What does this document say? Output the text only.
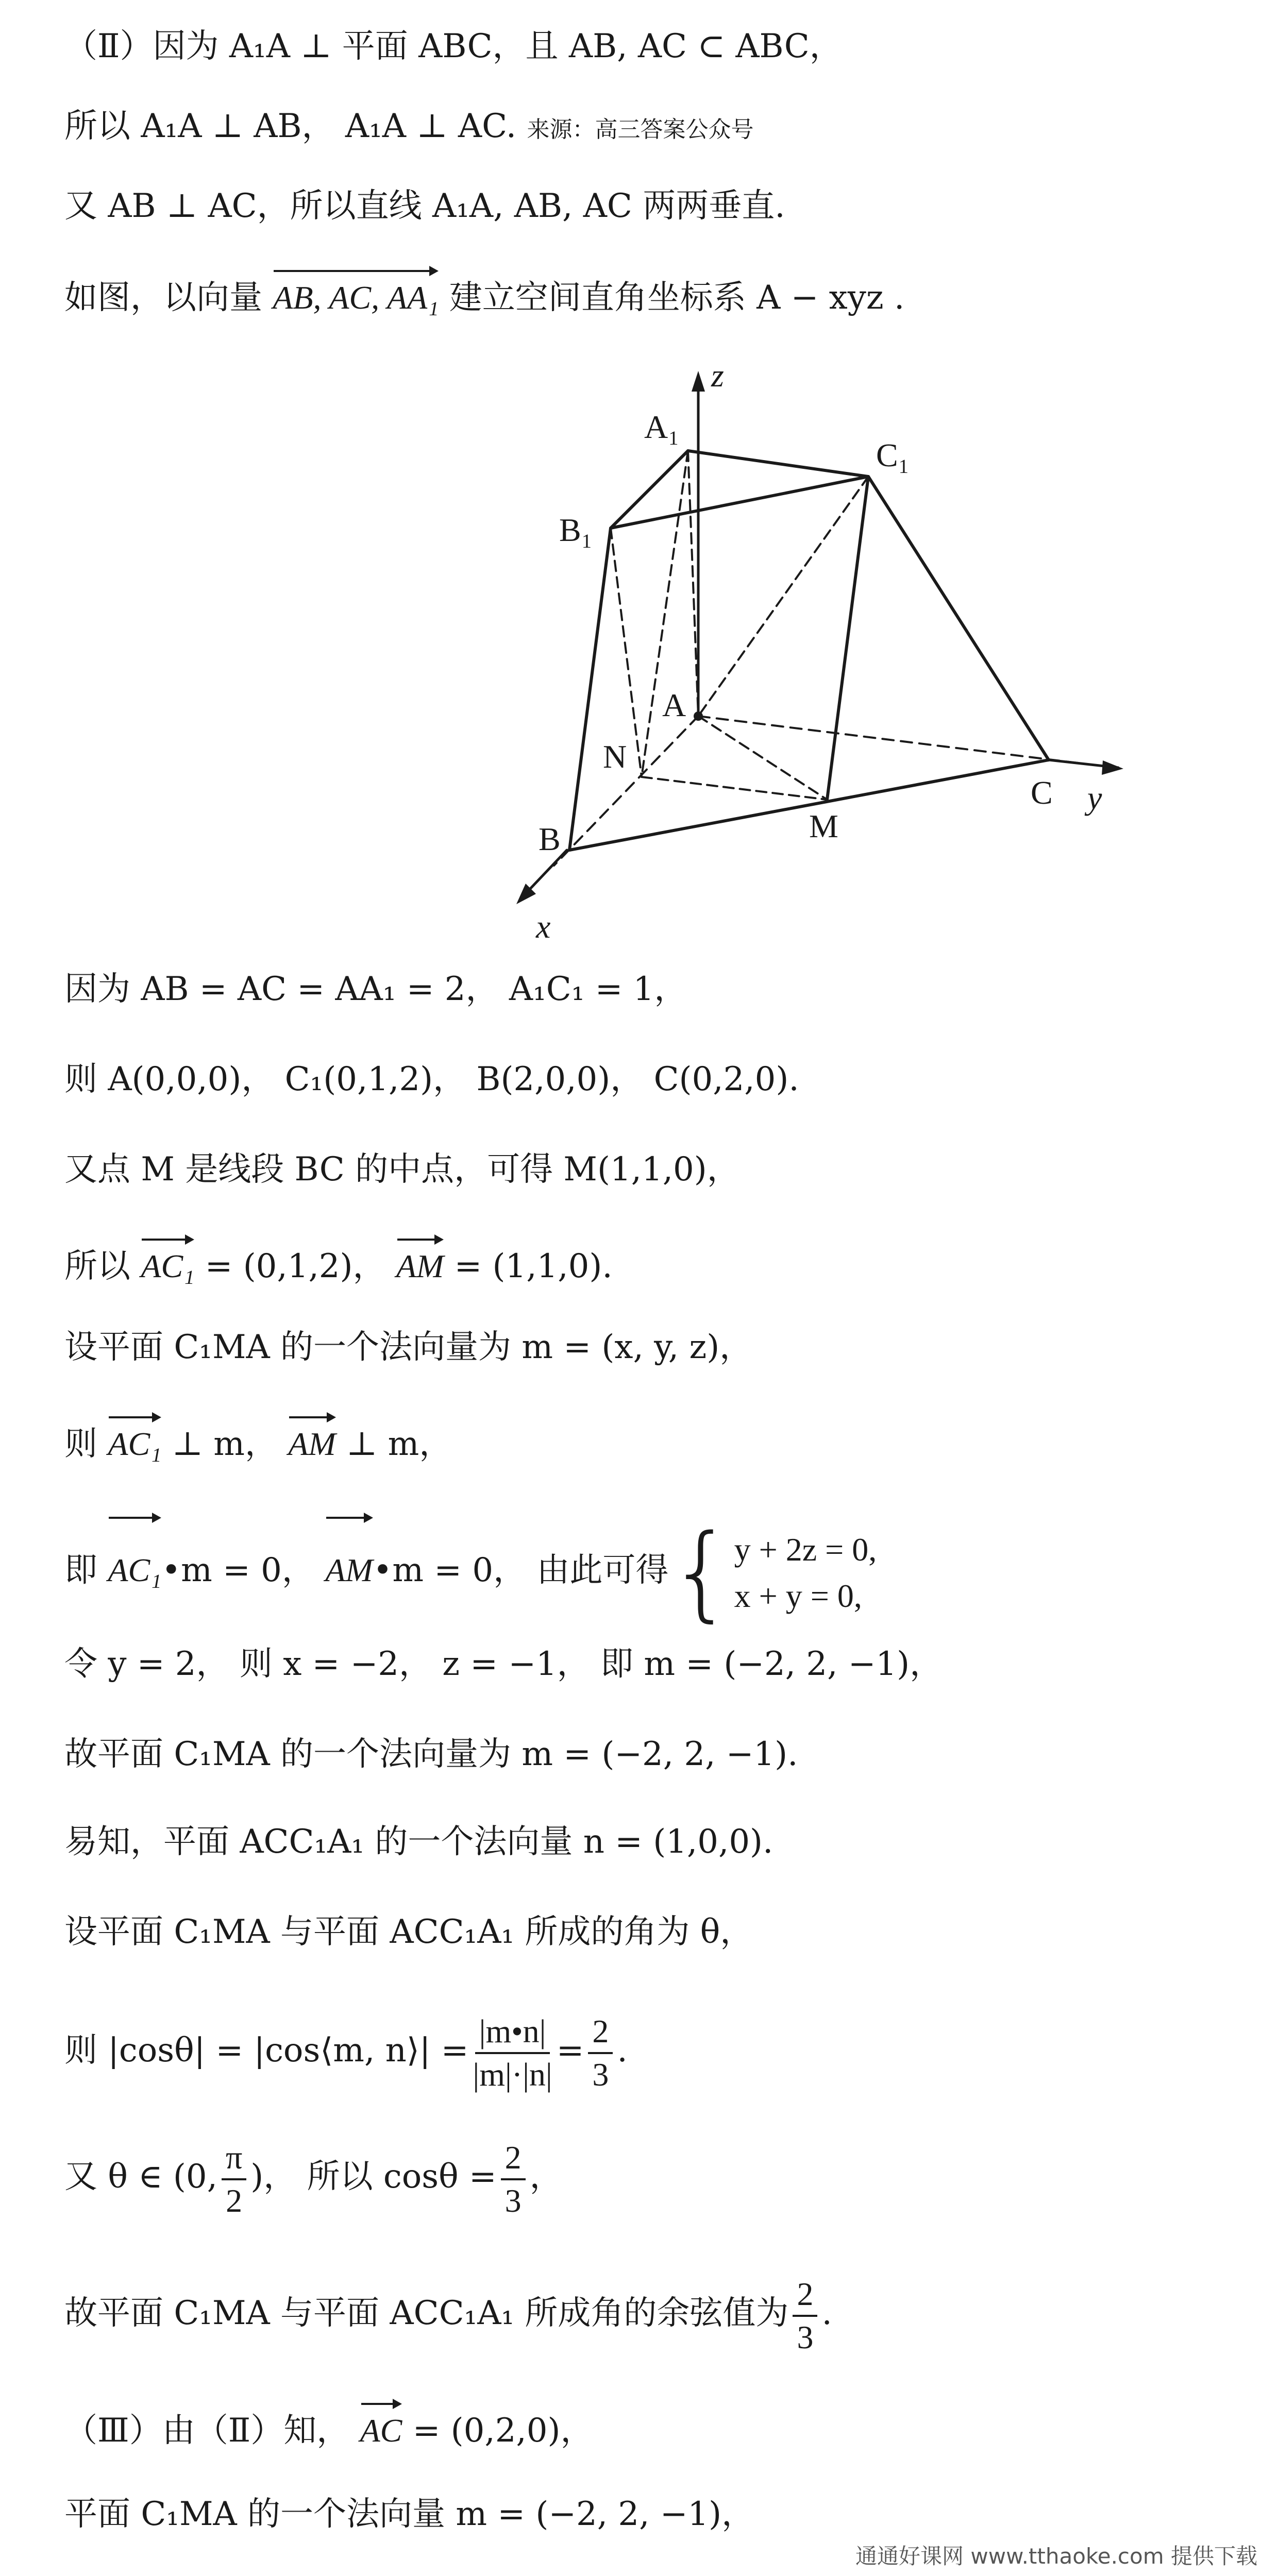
（Ⅱ）因为 A₁A ⊥ 平面 ABC，且 AB, AC ⊂ ABC，
所以 A₁A ⊥ AB， A₁A ⊥ AC. 来源：高三答案公众号
又 AB ⊥ AC，所以直线 A₁A, AB, AC 两两垂直.
如图，以向量 AB, AC, AA₁ 建立空间直角坐标系 A − xyz .
z
y
x
A₁
C₁
B₁
A
N
B	M
C
因为 AB = AC = AA₁ = 2， A₁C₁ = 1，
则 A(0,0,0)， C₁(0,1,2)， B(2,0,0)， C(0,2,0).
又点 M 是线段 BC 的中点，可得 M(1,1,0)，
所以 AC₁ = (0,1,2)， AM = (1,1,0).
设平面 C₁MA 的一个法向量为 m = (x, y, z)，
则 AC₁ ⊥ m， AM ⊥ m，
即 AC₁•m = 0， AM•m = 0， 由此可得{ y + 2z = 0,
x + y = 0,
令 y = 2， 则 x = −2， z = −1， 即 m = (−2, 2, −1)，
故平面 C₁MA 的一个法向量为 m = (−2, 2, −1).
易知，平面 ACC₁A₁ 的一个法向量 n = (1,0,0).
设平面 C₁MA 与平面 ACC₁A₁ 所成的角为 θ，
则 |cosθ| = |cos⟨m, n⟩| = $\frac{|m•n|}{|m|\cdot|n|} = \frac{2}{3}$ .
又 θ ∈ (0, $\frac{\pi}{2}$ )， 所以 $\cos\theta = \frac{2}{3}$ ，
故平面 C₁MA 与平面 ACC₁A₁ 所成角的余弦值为 $\frac{2}{3}$ .
（Ⅲ）由（Ⅱ）知， AC = (0,2,0)，
平面 C₁MA 的一个法向量 m = (−2, 2, −1)，
通通好课网 www.tthaoke.com 提供下载
